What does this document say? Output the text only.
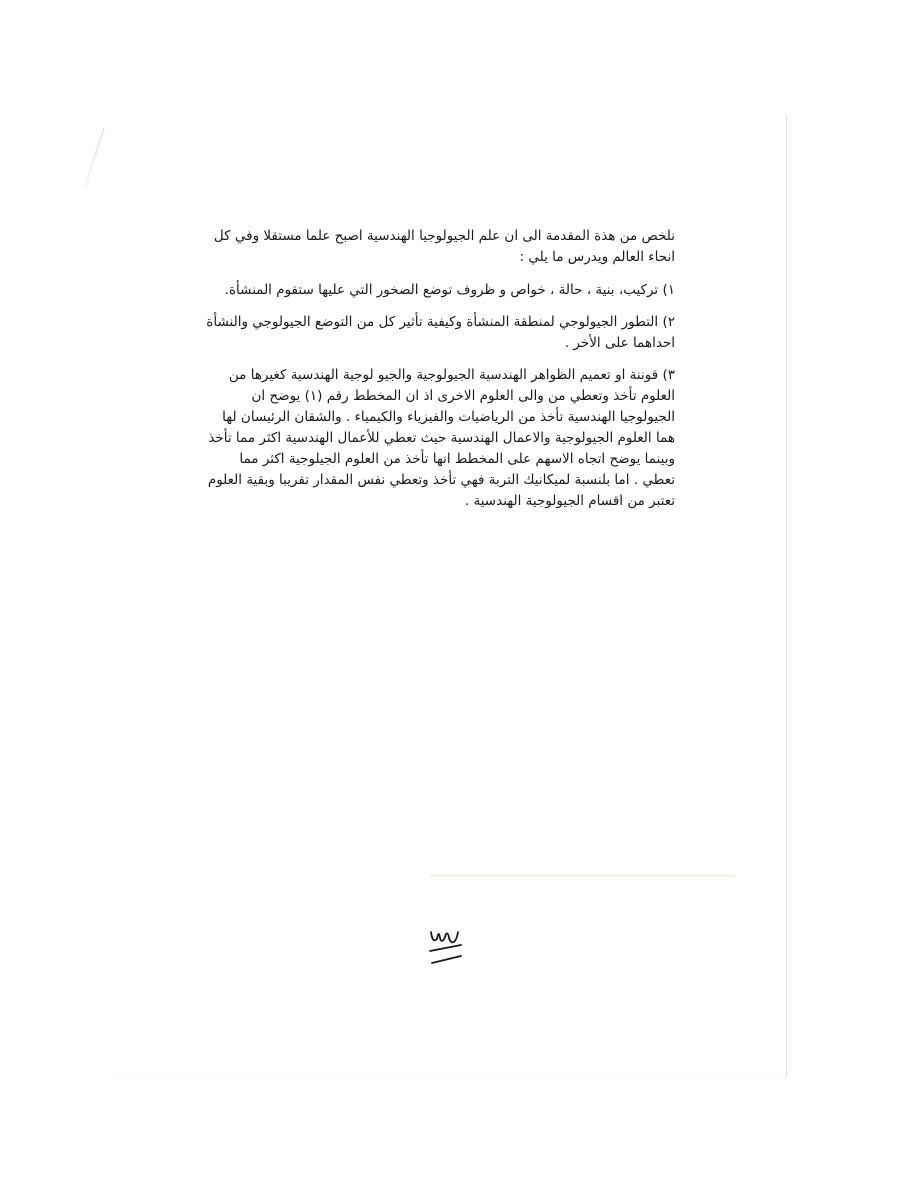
نلخص من هذة المقدمة الى ان علم الجيولوجيا الهندسية اصبح علما مستقلا وفي كل انحاء العالم ويدرس ما يلي :

١) تركيب، بنية ، حالة ، خواص و ظروف توضع الصخور التي عليها ستقوم المنشأة.

٢) التطور الجيولوجي لمنطقة المنشأة وكيفية تأثير كل من التوضع الجيولوجي والنشأة احداهما على الأخر .

٣) قوننة او تعميم الظواهر الهندسية الجيولوجية والجيو لوجية الهندسية كغيرها من العلوم تأخذ وتعطي من والى العلوم الاخرى اذ ان المخطط رقم (١) يوضح ان الجيولوجيا الهندسية تأخذ من الرياضيات والفيزياء والكيمياء . والشقان الرئيسان لها هما العلوم الجيولوجية والاعمال الهندسية حيث تعطي للأعمال الهندسية اكثر مما تأخذ وبينما يوضح اتجاه الاسهم على المخطط انها تأخذ من العلوم الجيلوجية اكثر مما تعطي . اما بلنسبة لميكانيك التربة فهي تأخذ وتعطي نفس المقدار تقريبا وبقية العلوم تعتبر من اقسام الجيولوجية الهندسية .
